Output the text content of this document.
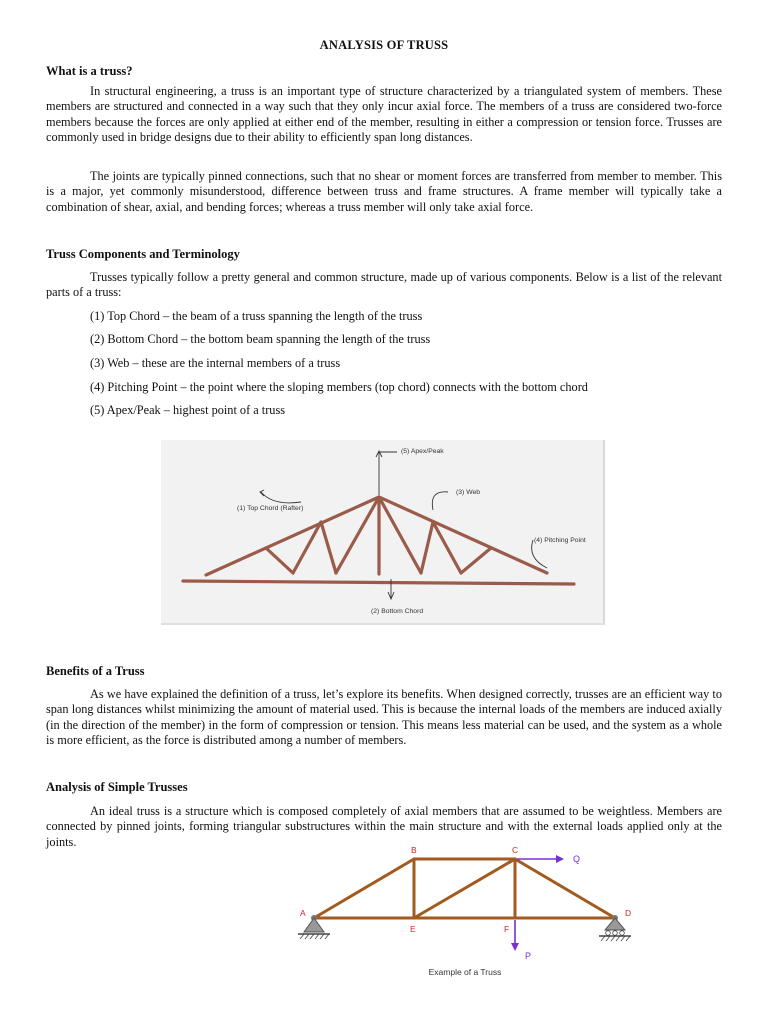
ANALYSIS OF TRUSS
What is a truss?

In structural engineering, a truss is an important type of structure characterized by a triangulated system of members. These members are structured and connected in a way such that they only incur axial force. The members of a truss are considered two-force members because the forces are only applied at either end of the member, resulting in either a compression or tension force. Trusses are commonly used in bridge designs due to their ability to efficiently span long distances.

The joints are typically pinned connections, such that no shear or moment forces are transferred from member to member. This is a major, yet commonly misunderstood, difference between truss and frame structures. A frame member will typically take a combination of shear, axial, and bending forces; whereas a truss member will only take axial force.

Truss Components and Terminology

Trusses typically follow a pretty general and common structure, made up of various components. Below is a list of the relevant parts of a truss:

(1) Top Chord – the beam of a truss spanning the length of the truss
(2) Bottom Chord – the bottom beam spanning the length of the truss
(3) Web – these are the internal members of a truss
(4) Pitching Point – the point where the sloping members (top chord) connects with the bottom chord
(5) Apex/Peak – highest point of a truss
(5) Apex/Peak
(3) Web
(1) Top Chord (Rafter)
(4) Pitching Point
(2) Bottom Chord
Benefits of a Truss

As we have explained the definition of a truss, let’s explore its benefits. When designed correctly, trusses are an efficient way to span long distances whilst minimizing the amount of material used. This is because the internal loads of the members are induced axially (in the direction of the member) in the form of compression or tension. This means less material can be used, and the system as a whole is more efficient, as the force is distributed among a number of members.

Analysis of Simple Trusses

An ideal truss is a structure which is composed completely of axial members that are assumed to be weightless. Members are connected by pinned joints, forming triangular substructures within the main structure and with the external loads applied only at the joints.

A
B	C
D
E	F
Q
P
Example of a Truss
